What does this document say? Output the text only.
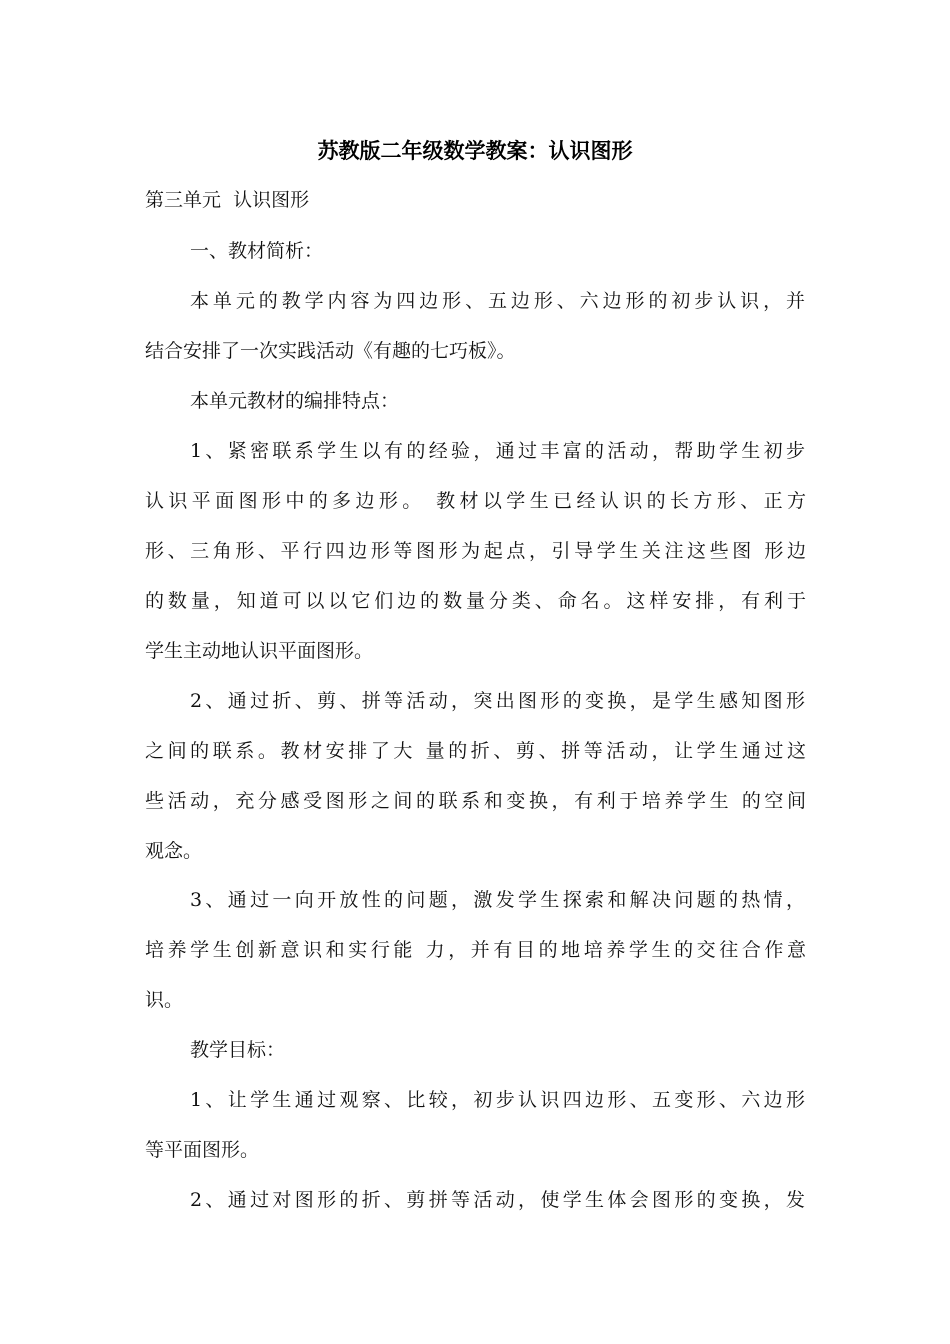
苏教版二年级数学教案：认识图形
第三单元  认识图形
一、教材简析：
本单元的教学内容为四边形、五边形、六边形的初步认识，并
结合安排了一次实践活动《有趣的七巧板》。
本单元教材的编排特点：
1、紧密联系学生以有的经验，通过丰富的活动，帮助学生初步
认识平面图形中的多边形。 教材以学生已经认识的长方形、正方
形、三角形、平行四边形等图形为起点，引导学生关注这些图 形边
的数量，知道可以以它们边的数量分类、命名。这样安排，有利于
学生主动地认识平面图形。
2、通过折、剪、拼等活动，突出图形的变换，是学生感知图形
之间的联系。教材安排了大 量的折、剪、拼等活动，让学生通过这
些活动，充分感受图形之间的联系和变换，有利于培养学生 的空间
观念。
3、通过一向开放性的问题，激发学生探索和解决问题的热情，
培养学生创新意识和实行能 力，并有目的地培养学生的交往合作意
识。
教学目标：
1、让学生通过观察、比较，初步认识四边形、五变形、六边形
等平面图形。
2、通过对图形的折、剪拼等活动，使学生体会图形的变换，发
